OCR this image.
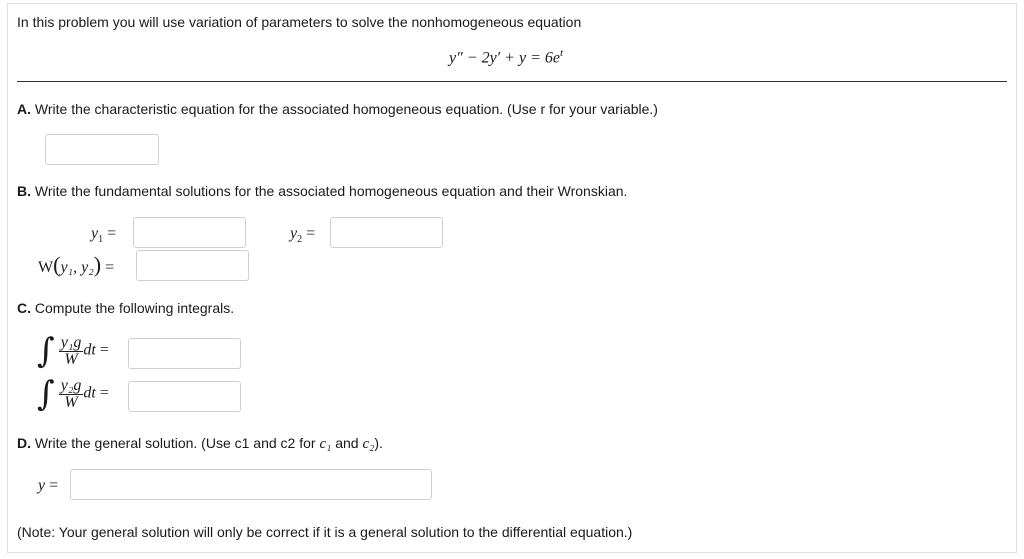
In this problem you will use variation of parameters to solve the nonhomogeneous equation
$y'' - 2y' + y = 6e^t$
A. Write the characteristic equation for the associated homogeneous equation. (Use r for your variable.)
B. Write the fundamental solutions for the associated homogeneous equation and their Wronskian.
$y_1$ =	$y_2$ =
W(y₁, y₂) =
C. Compute the following integrals.
∫ $\frac{\text{y₁g}}{W}$ dt =
∫ $\frac{\text{y₂g}}{W}$ dt =
D. Write the general solution. (Use c1 and c2 for c₁ and c₂).
y =
(Note: Your general solution will only be correct if it is a general solution to the differential equation.)
